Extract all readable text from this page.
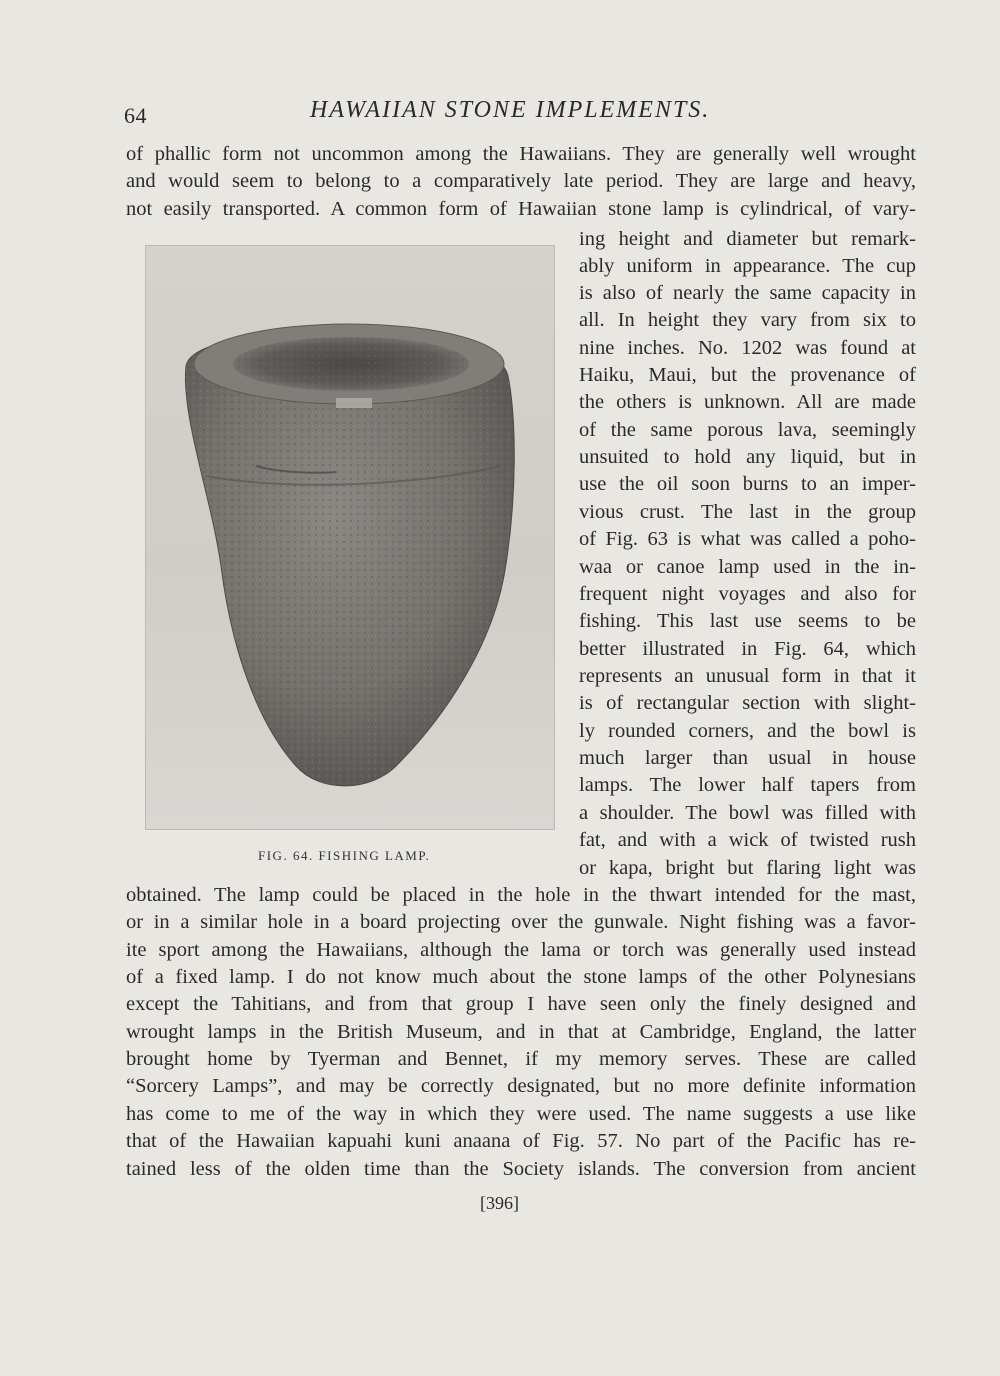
64	HAWAIIAN STONE IMPLEMENTS.
of phallic form not uncommon among the Hawaiians. They are generally well wrought
and would seem to belong to a comparatively late period. They are large and heavy,
not easily transported. A common form of Hawaiian stone lamp is cylindrical, of vary-
ing height and diameter but remark-
ably uniform in appearance. The cup
is also of nearly the same capacity in
all. In height they vary from six to
nine inches. No. 1202 was found at
Haiku, Maui, but the provenance of
the others is unknown. All are made
of the same porous lava, seemingly
unsuited to hold any liquid, but in
use the oil soon burns to an imper-
vious crust. The last in the group
of Fig. 63 is what was called a poho-
waa or canoe lamp used in the in-
frequent night voyages and also for
fishing. This last use seems to be
better illustrated in Fig. 64, which
represents an unusual form in that it
is of rectangular section with slight-
ly rounded corners, and the bowl is
much larger than usual in house
lamps. The lower half tapers from
a shoulder. The bowl was filled with
fat, and with a wick of twisted rush
or kapa, bright but flaring light was
FIG. 64. FISHING LAMP.
obtained. The lamp could be placed in the hole in the thwart intended for the mast,
or in a similar hole in a board projecting over the gunwale. Night fishing was a favor-
ite sport among the Hawaiians, although the lama or torch was generally used instead
of a fixed lamp. I do not know much about the stone lamps of the other Polynesians
except the Tahitians, and from that group I have seen only the finely designed and
wrought lamps in the British Museum, and in that at Cambridge, England, the latter
brought home by Tyerman and Bennet, if my memory serves. These are called
“Sorcery Lamps”, and may be correctly designated, but no more definite information
has come to me of the way in which they were used. The name suggests a use like
that of the Hawaiian kapuahi kuni anaana of Fig. 57. No part of the Pacific has re-
tained less of the olden time than the Society islands. The conversion from ancient
[396]
